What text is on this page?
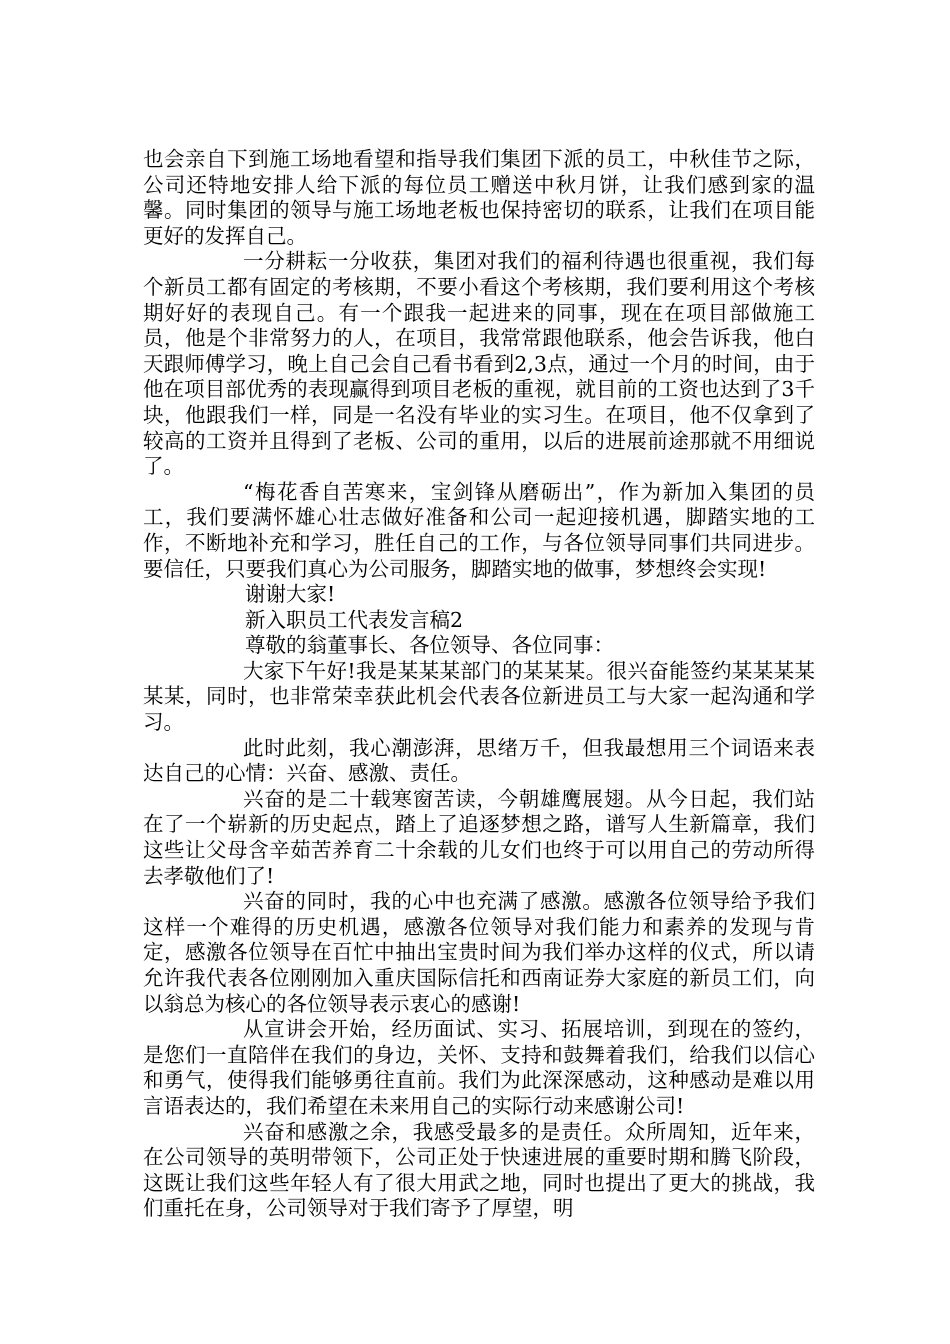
也会亲自下到施工场地看望和指导我们集团下派的员工，中秋佳节之际，公司还特地安排人给下派的每位员工赠送中秋月饼，让我们感到家的温馨。同时集团的领导与施工场地老板也保持密切的联系，让我们在项目能更好的发挥自己。

一分耕耘一分收获，集团对我们的福利待遇也很重视，我们每个新员工都有固定的考核期，不要小看这个考核期，我们要利用这个考核期好好的表现自己。有一个跟我一起进来的同事，现在在项目部做施工员，他是个非常努力的人，在项目，我常常跟他联系，他会告诉我，他白天跟师傅学习，晚上自己会自己看书看到2,3点，通过一个月的时间，由于他在项目部优秀的表现赢得到项目老板的重视，就目前的工资也达到了3千块，他跟我们一样，同是一名没有毕业的实习生。在项目，他不仅拿到了较高的工资并且得到了老板、公司的重用，以后的进展前途那就不用细说了。

“梅花香自苦寒来，宝剑锋从磨砺出”，作为新加入集团的员工，我们要满怀雄心壮志做好准备和公司一起迎接机遇，脚踏实地的工作，不断地补充和学习，胜任自己的工作，与各位领导同事们共同进步。要信任，只要我们真心为公司服务，脚踏实地的做事，梦想终会实现!

谢谢大家!

新入职员工代表发言稿2

尊敬的翁董事长、各位领导、各位同事：

大家下午好!我是某某某部门的某某某。很兴奋能签约某某某某某某，同时，也非常荣幸获此机会代表各位新进员工与大家一起沟通和学习。

此时此刻，我心潮澎湃，思绪万千，但我最想用三个词语来表达自己的心情：兴奋、感激、责任。

兴奋的是二十载寒窗苦读，今朝雄鹰展翅。从今日起，我们站在了一个崭新的历史起点，踏上了追逐梦想之路，谱写人生新篇章，我们这些让父母含辛茹苦养育二十余载的儿女们也终于可以用自己的劳动所得去孝敬他们了!

兴奋的同时，我的心中也充满了感激。感激各位领导给予我们这样一个难得的历史机遇，感激各位领导对我们能力和素养的发现与肯定，感激各位领导在百忙中抽出宝贵时间为我们举办这样的仪式，所以请允许我代表各位刚刚加入重庆国际信托和西南证券大家庭的新员工们，向以翁总为核心的各位领导表示衷心的感谢!

从宣讲会开始，经历面试、实习、拓展培训，到现在的签约，是您们一直陪伴在我们的身边，关怀、支持和鼓舞着我们，给我们以信心和勇气，使得我们能够勇往直前。我们为此深深感动，这种感动是难以用言语表达的，我们希望在未来用自己的实际行动来感谢公司!

兴奋和感激之余，我感受最多的是责任。众所周知，近年来，在公司领导的英明带领下，公司正处于快速进展的重要时期和腾飞阶段，这既让我们这些年轻人有了很大用武之地，同时也提出了更大的挑战，我们重托在身，公司领导对于我们寄予了厚望，明
